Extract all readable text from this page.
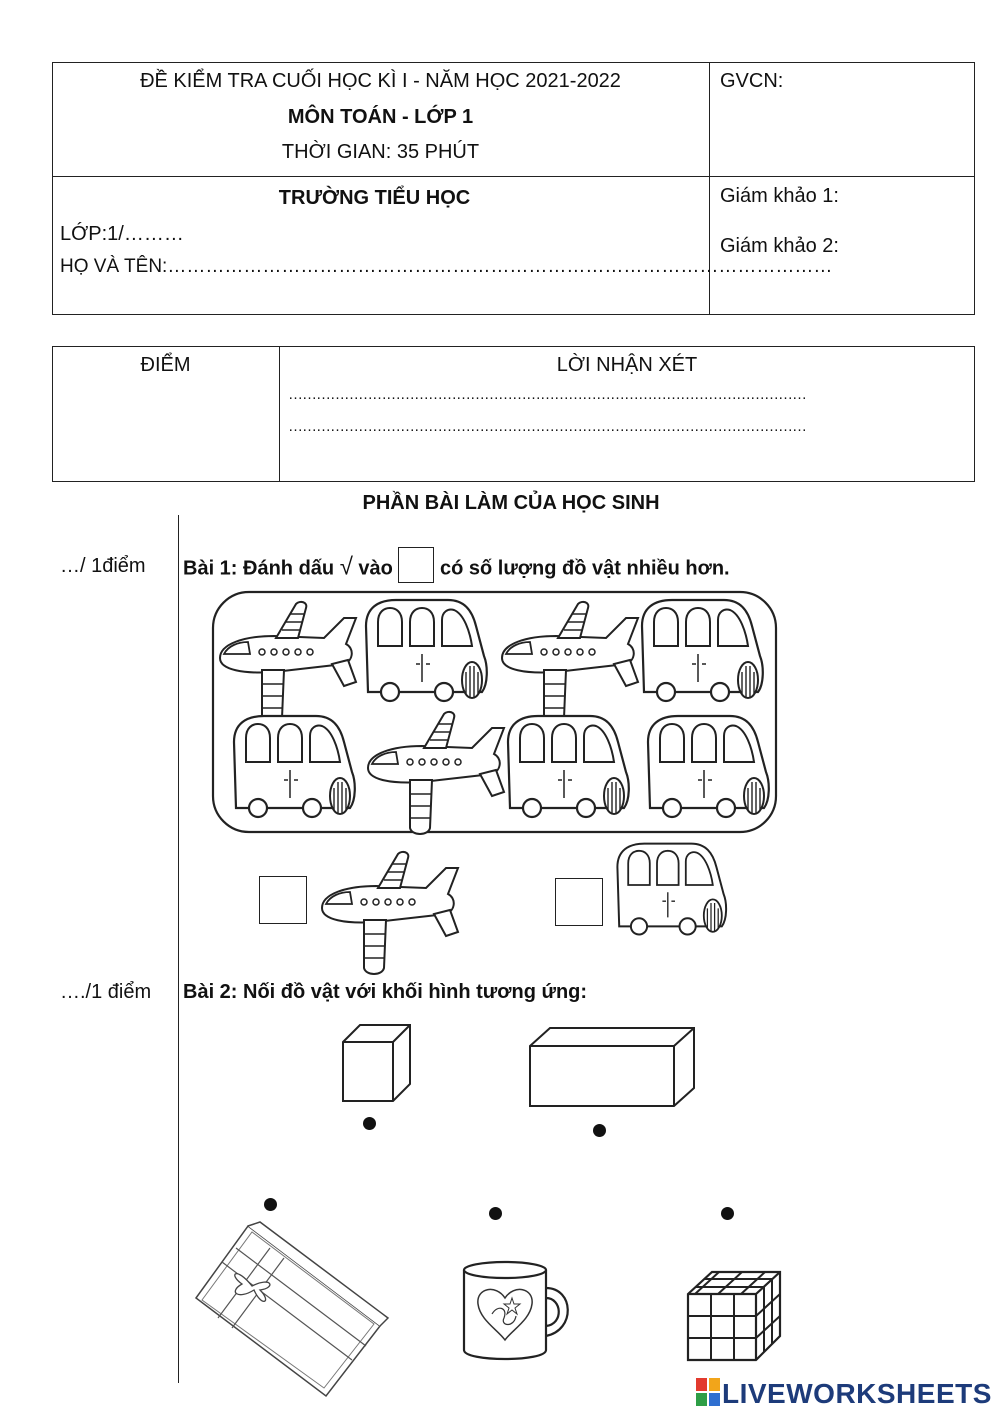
ĐỀ KIỂM TRA CUỐI HỌC KÌ I - NĂM HỌC 2021-2022
MÔN TOÁN - LỚP 1
THỜI GIAN: 35 PHÚT
GVCN:
TRƯỜNG TIỂU HỌC
LỚP:1/………
HỌ VÀ TÊN:……………………………………………………………………………………………
Giám khảo 1:
Giám khảo 2:
ĐIỂM	LỜI NHẬN XÉT
…………………………………………………………………………………………………
…………………………………………………………………………………………………
PHẦN BÀI LÀM CỦA HỌC SINH
…/ 1điểm Bài 1: Đánh dấu √ vào  có số lượng đồ vật nhiều hơn.
…./1 điểm Bài 2: Nối đồ vật với khối hình tương ứng:
LIVEWORKSHEETS
